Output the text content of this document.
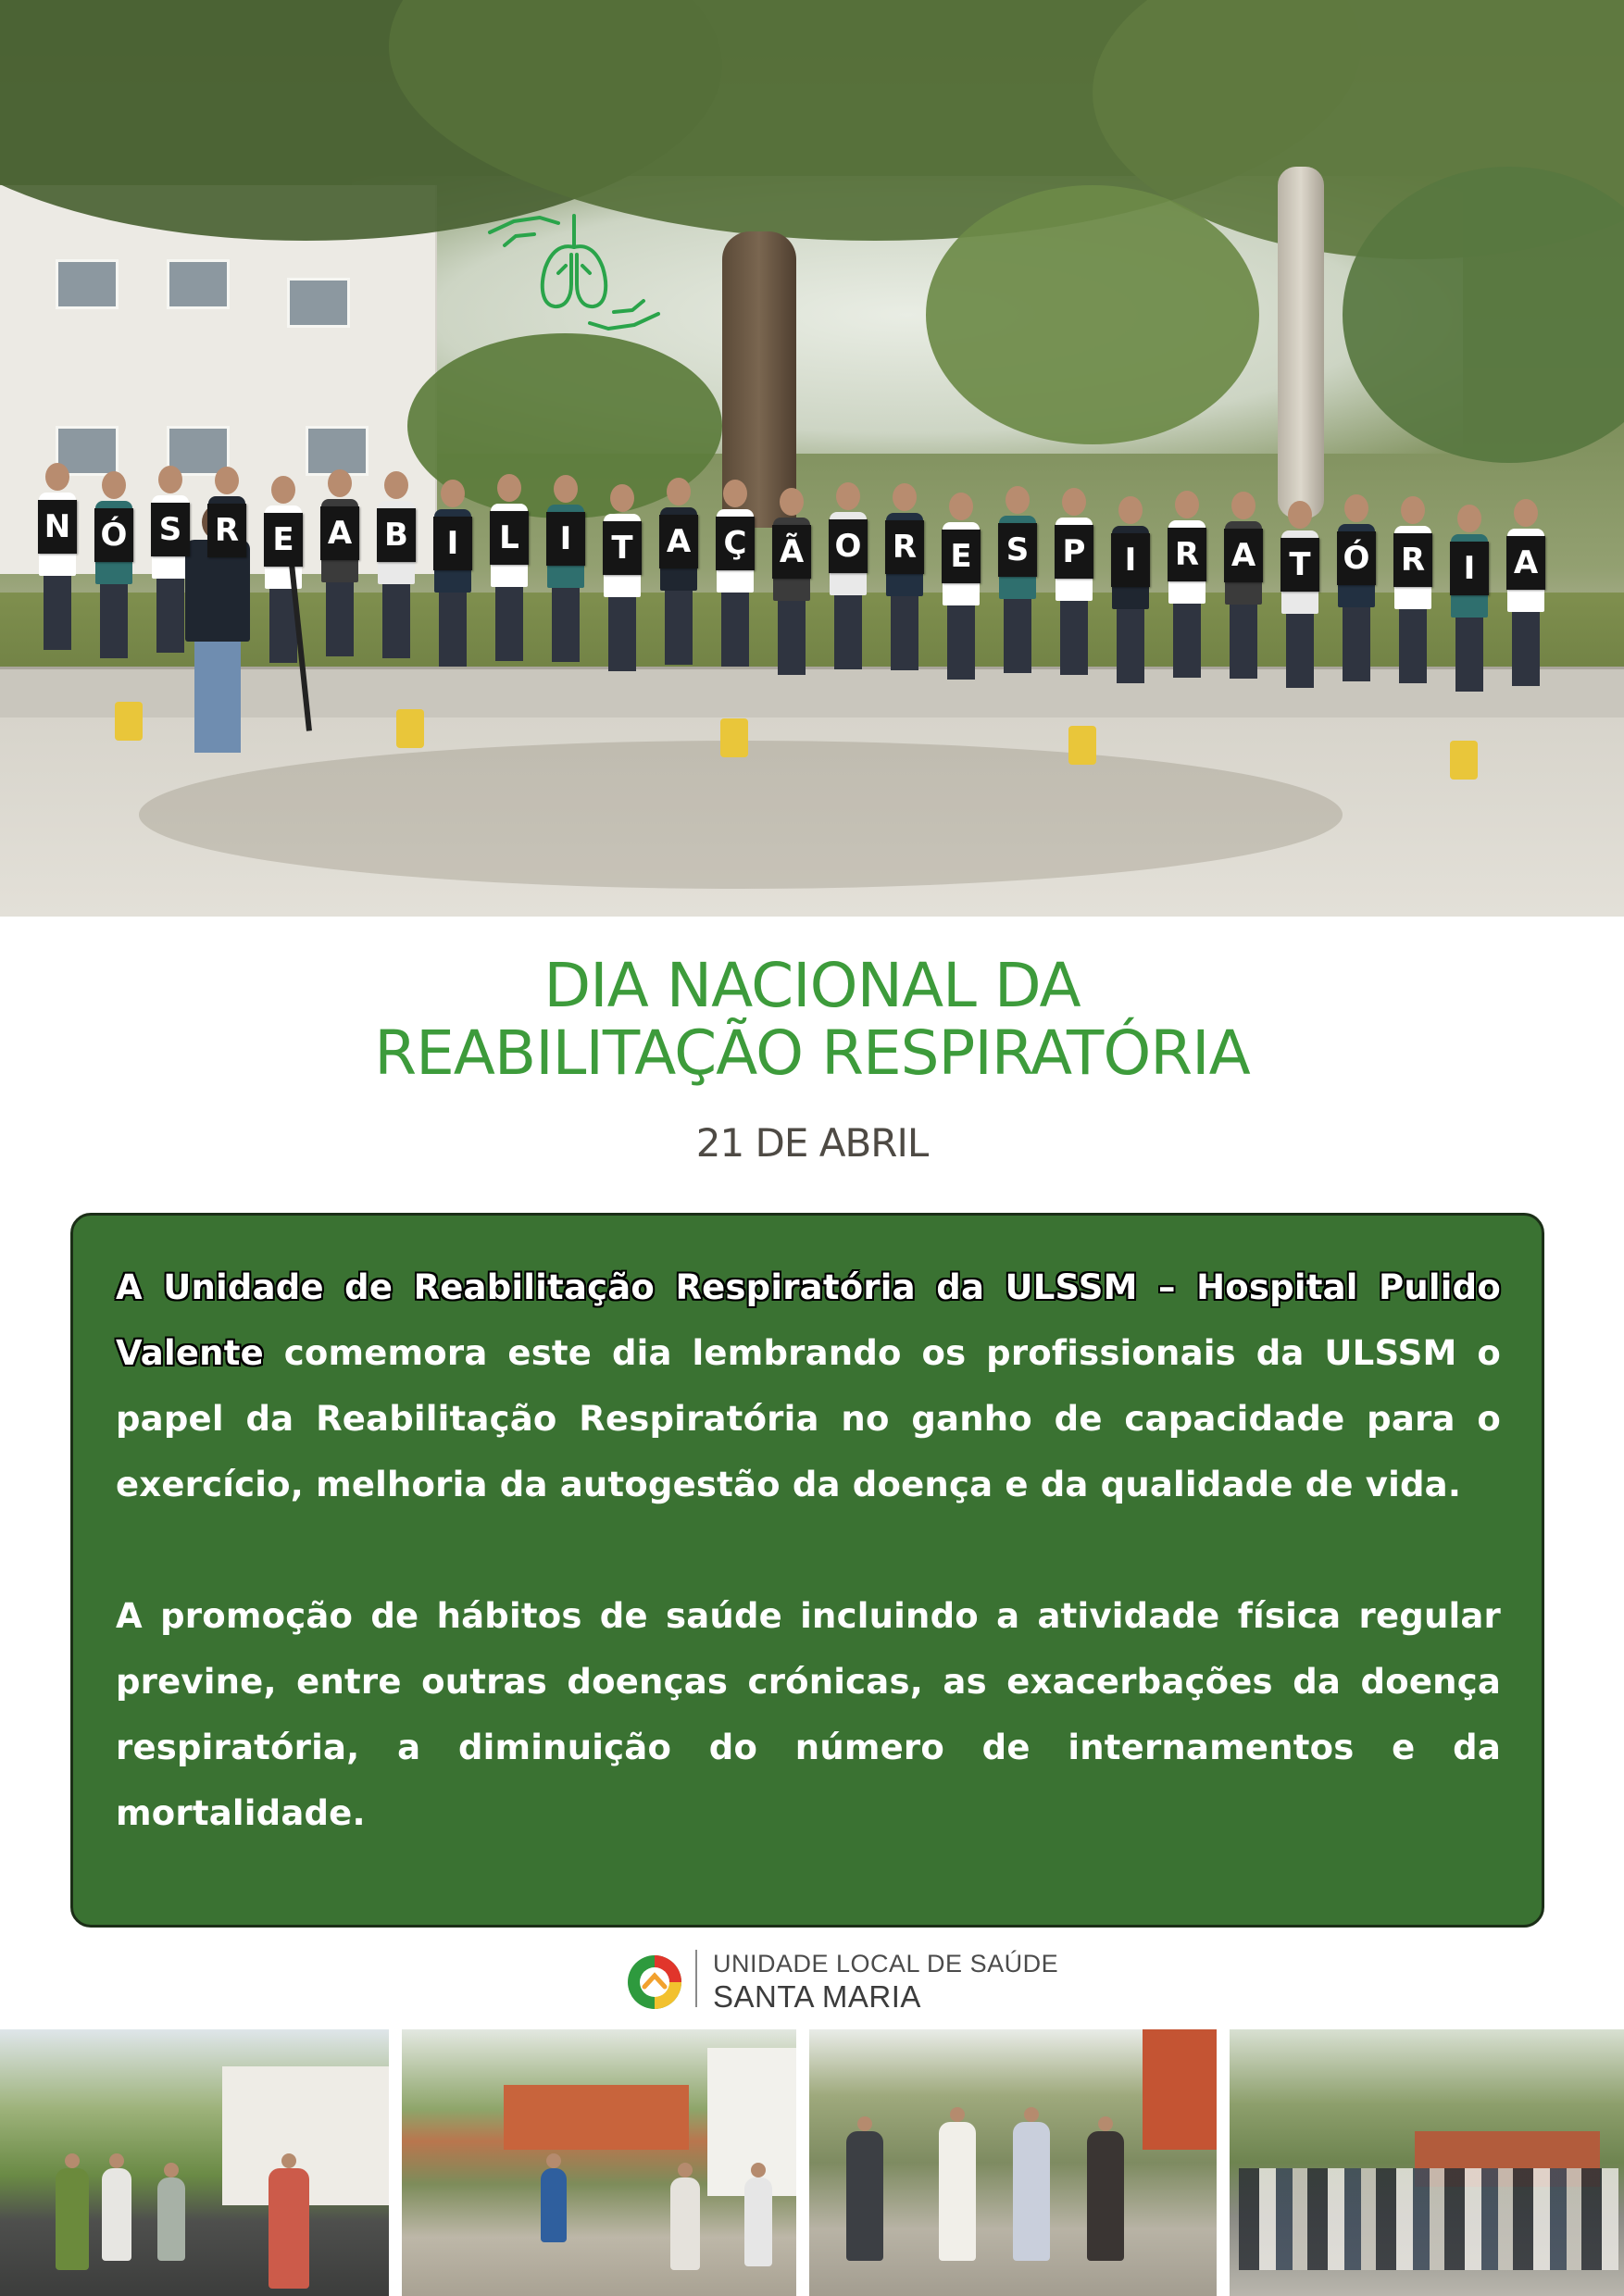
N Ó S R E A B	I	L	I	T A Ç Ã O R E S P	I	R A T Ó R	I	A
DIA NACIONAL DA
REABILITAÇÃO RESPIRATÓRIA
21 DE ABRIL

A Unidade de Reabilitação Respiratória da ULSSM – Hospital Pulido Valente comemora este dia lembrando os profissionais da ULSSM o papel da Reabilitação Respiratória no ganho de capacidade para o exercício, melhoria da autogestão da doença e da qualidade de vida.

A promoção de hábitos de saúde incluindo a atividade física regular previne, entre outras doenças crónicas, as exacerbações da doença respiratória, a diminuição do número de internamentos e da mortalidade.

UNIDADE LOCAL DE SAÚDE
SANTA MARIA
